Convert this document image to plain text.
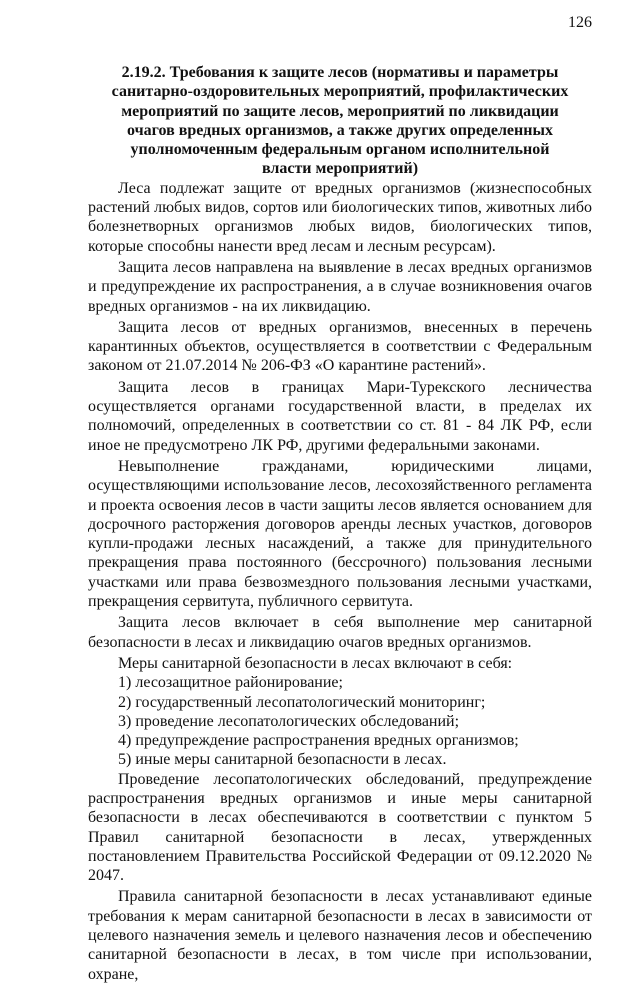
126
2.19.2. Требования к защите лесов (нормативы и параметры
санитарно-оздоровительных мероприятий, профилактических
мероприятий по защите лесов, мероприятий по ликвидации
очагов вредных организмов, а также других определенных
уполномоченным федеральным органом исполнительной
власти мероприятий)

Леса подлежат защите от вредных организмов (жизнеспособных растений любых видов, сортов или биологических типов, животных либо болезнетворных организмов любых видов, биологических типов, которые способны нанести вред лесам и лесным ресурсам).

Защита лесов направлена на выявление в лесах вредных организмов и предупреждение их распространения, а в случае возникновения очагов вредных организмов - на их ликвидацию.

Защита лесов от вредных организмов, внесенных в перечень карантинных объектов, осуществляется в соответствии с Федеральным законом от 21.07.2014 № 206-ФЗ «О карантине растений».

Защита лесов в границах Мари-Турекского лесничества осуществляется органами государственной власти, в пределах их полномочий, определенных в соответствии со ст. 81 - 84 ЛК РФ, если иное не предусмотрено ЛК РФ, другими федеральными законами.

Невыполнение гражданами, юридическими лицами, осуществляющими использование лесов, лесохозяйственного регламента и проекта освоения лесов в части защиты лесов является основанием для досрочного расторжения договоров аренды лесных участков, договоров купли-продажи лесных насаждений, а также для принудительного прекращения права постоянного (бессрочного) пользования лесными участками или права безвозмездного пользования лесными участками, прекращения сервитута, публичного сервитута.

Защита лесов включает в себя выполнение мер санитарной безопасности в лесах и ликвидацию очагов вредных организмов.

Меры санитарной безопасности в лесах включают в себя:

1) лесозащитное районирование;

2) государственный лесопатологический мониторинг;

3) проведение лесопатологических обследований;

4) предупреждение распространения вредных организмов;

5) иные меры санитарной безопасности в лесах.

Проведение лесопатологических обследований, предупреждение распространения вредных организмов и иные меры санитарной безопасности в лесах обеспечиваются в соответствии с пунктом 5 Правил санитарной безопасности в лесах, утвержденных постановлением Правительства Российской Федерации от 09.12.2020 № 2047.

Правила санитарной безопасности в лесах устанавливают единые требования к мерам санитарной безопасности в лесах в зависимости от целевого назначения земель и целевого назначения лесов и обеспечению санитарной безопасности в лесах, в том числе при использовании, охране,
